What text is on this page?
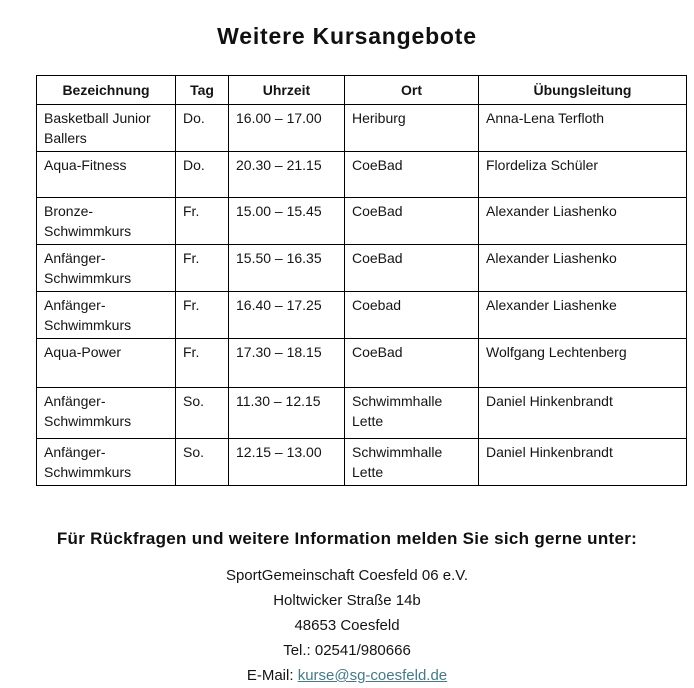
Weitere Kursangebote
Bezeichnung	Tag	Uhrzeit	Ort	Übungsleitung
Basketball Junior Ballers	Do.	16.00 – 17.00	Heriburg	Anna-Lena Terfloth
Aqua-Fitness	Do.	20.30 – 21.15	CoeBad	Flordeliza Schüler
Bronze-Schwimmkurs	Fr.	15.00 – 15.45	CoeBad	Alexander Liashenko
Anfänger-Schwimmkurs	Fr.	15.50 – 16.35	CoeBad	Alexander Liashenko
Anfänger-Schwimmkurs	Fr.	16.40 – 17.25	Coebad	Alexander Liashenke
Aqua-Power	Fr.	17.30 – 18.15	CoeBad	Wolfgang Lechtenberg
Anfänger-Schwimmkurs	So.	11.30 – 12.15	Schwimmhalle Lette	Daniel Hinkenbrandt
Anfänger-Schwimmkurs	So.	12.15 – 13.00	Schwimmhalle Lette	Daniel Hinkenbrandt

Für Rückfragen und weitere Information melden Sie sich gerne unter:

SportGemeinschaft Coesfeld 06 e.V.

Holtwicker Straße 14b

48653 Coesfeld

Tel.: 02541/980666

E-Mail: kurse@sg-coesfeld.de
